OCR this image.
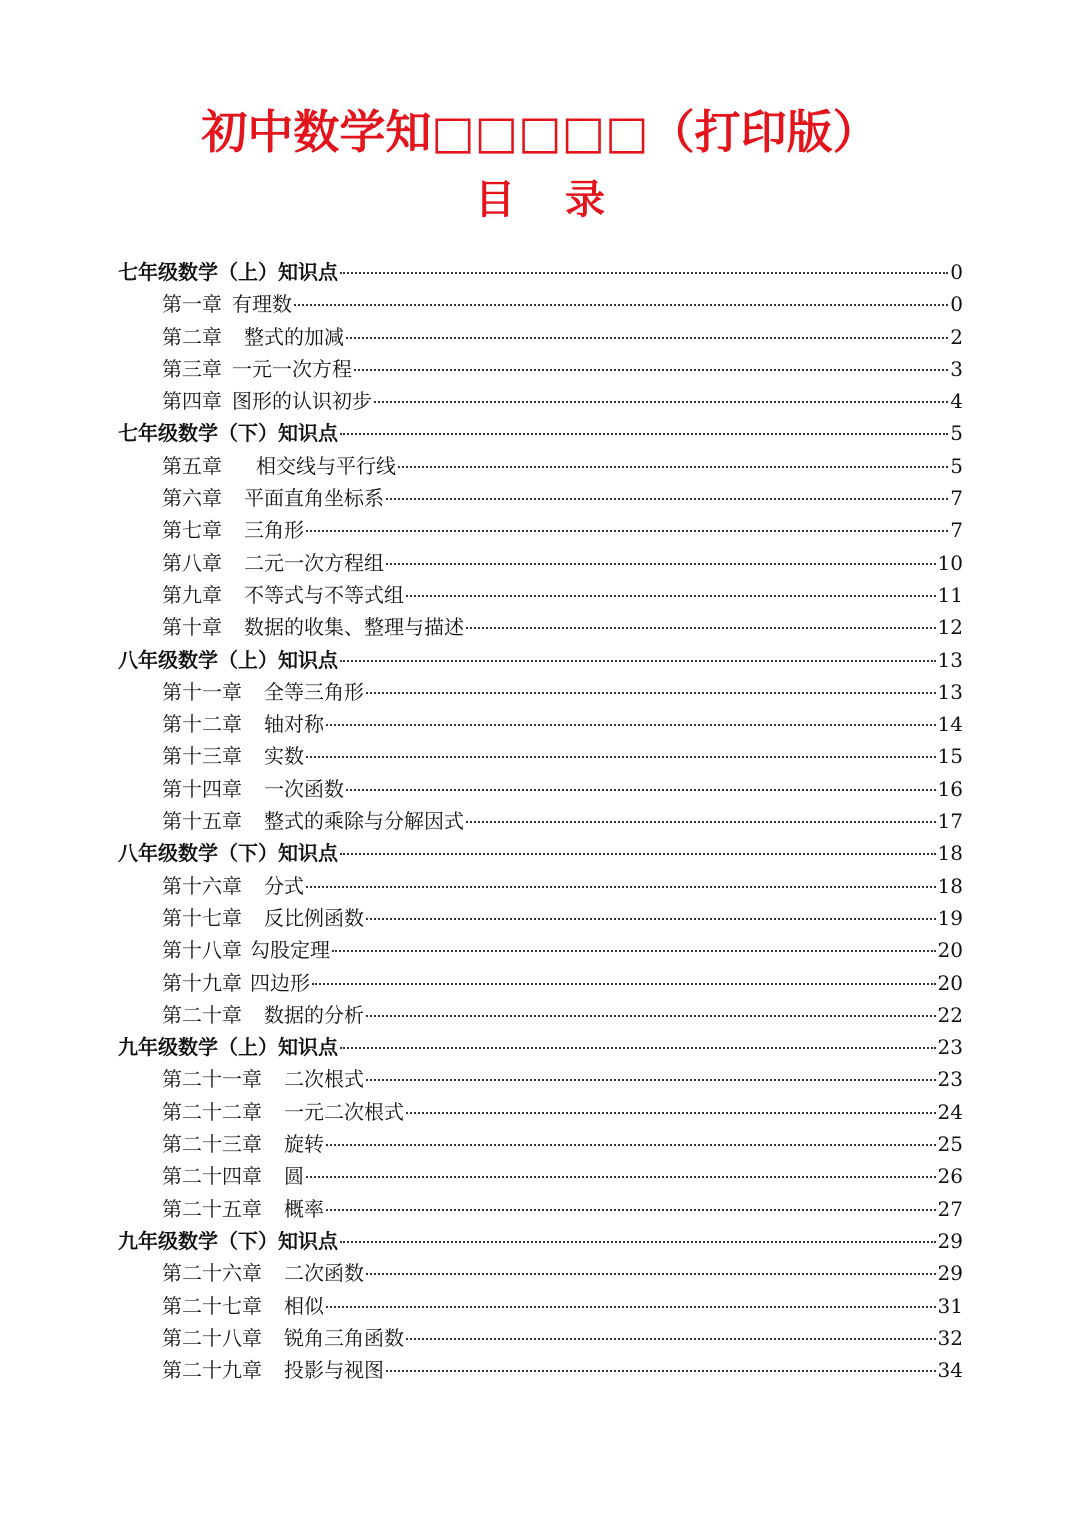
初中数学知□□□□□（打印版）
目录
七年级数学（上）知识点	0
第一章 有理数	0
第二章 整式的加减	2
第三章 一元一次方程	3
第四章 图形的认识初步	4
七年级数学（下）知识点	5
第五章 相交线与平行线	5
第六章 平面直角坐标系	7
第七章 三角形	7
第八章 二元一次方程组	10
第九章 不等式与不等式组	11
第十章 数据的收集、整理与描述	12
八年级数学（上）知识点	13
第十一章 全等三角形	13
第十二章 轴对称	14
第十三章 实数	15
第十四章 一次函数	16
第十五章 整式的乘除与分解因式	17
八年级数学（下）知识点	18
第十六章 分式	18
第十七章 反比例函数	19
第十八章 勾股定理	20
第十九章 四边形	20
第二十章 数据的分析	22
九年级数学（上）知识点	23
第二十一章 二次根式	23
第二十二章 一元二次根式	24
第二十三章 旋转	25
第二十四章 圆	26
第二十五章 概率	27
九年级数学（下）知识点	29
第二十六章 二次函数	29
第二十七章 相似	31
第二十八章 锐角三角函数	32
第二十九章 投影与视图	34
